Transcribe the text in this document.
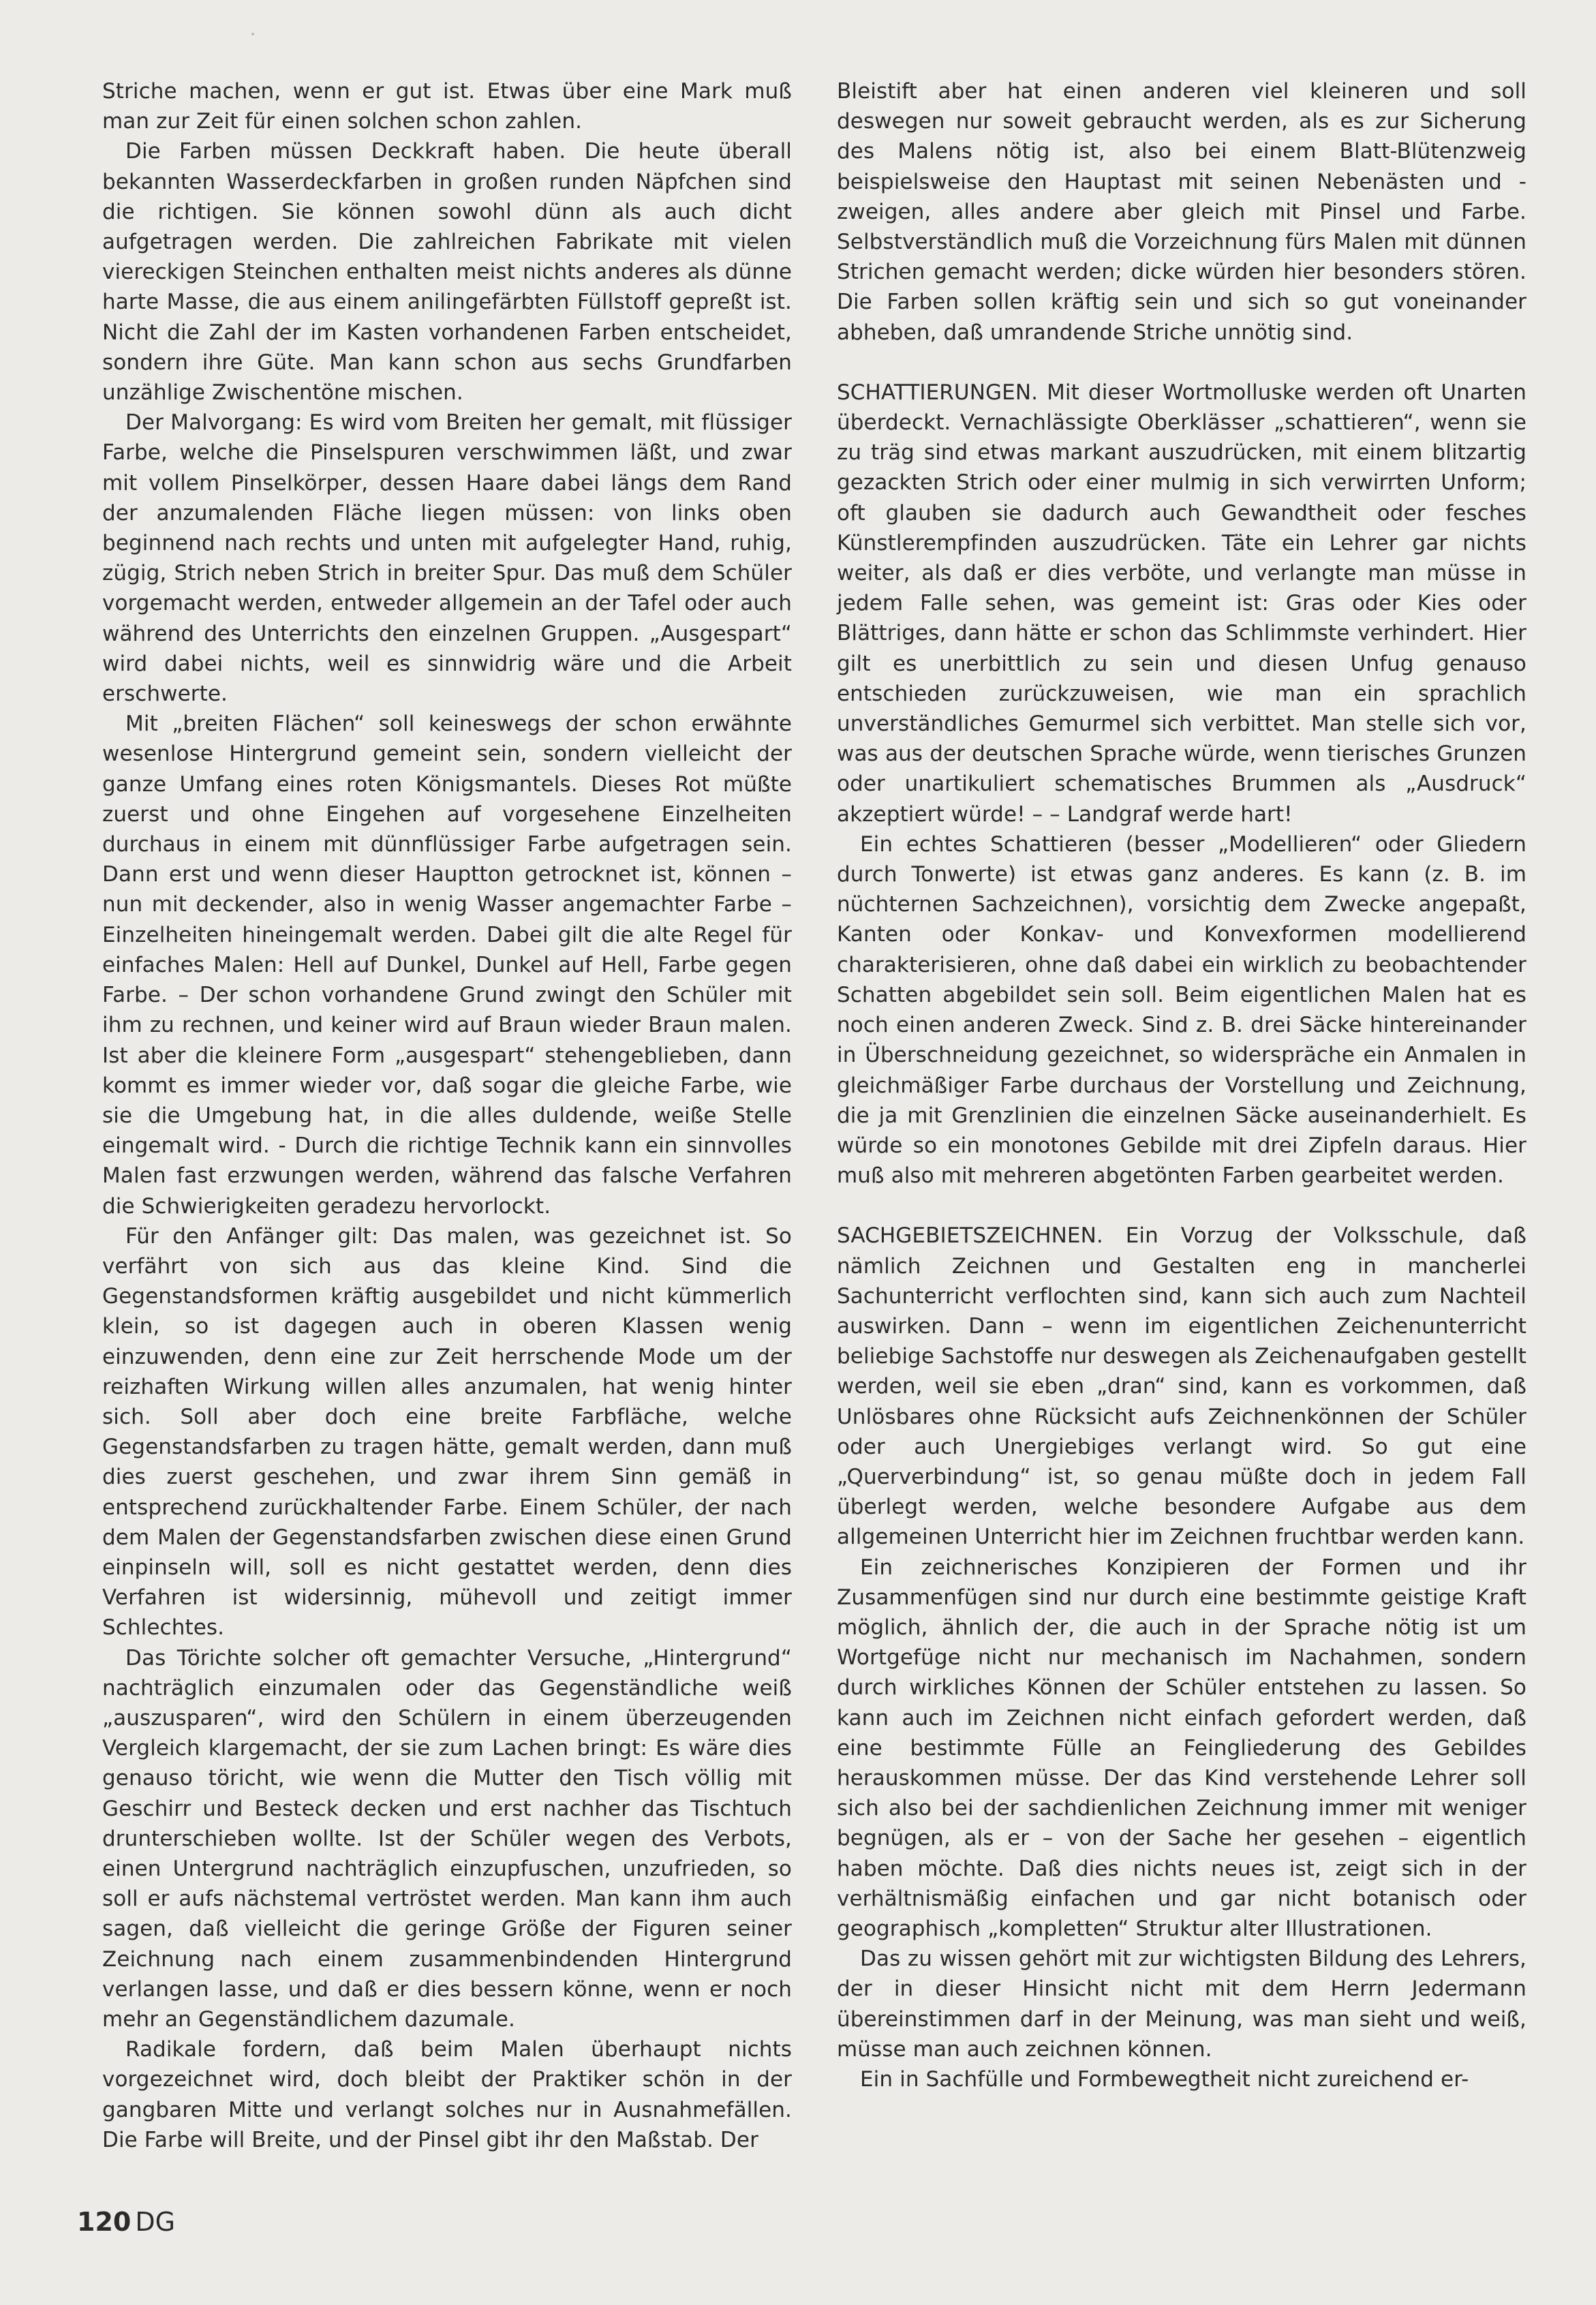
Striche machen, wenn er gut ist. Etwas über eine Mark muß man zur Zeit für einen solchen schon zahlen.

Die Farben müssen Deckkraft haben. Die heute überall bekannten Wasserdeckfarben in großen runden Näpfchen sind die richtigen. Sie können sowohl dünn als auch dicht aufgetragen werden. Die zahlreichen Fabrikate mit vielen viereckigen Steinchen enthalten meist nichts anderes als dünne harte Masse, die aus einem anilingefärbten Füllstoff gepreßt ist. Nicht die Zahl der im Kasten vorhandenen Farben entscheidet, sondern ihre Güte. Man kann schon aus sechs Grundfarben unzählige Zwischentöne mischen.

Der Malvorgang: Es wird vom Breiten her gemalt, mit flüssiger Farbe, welche die Pinselspuren verschwimmen läßt, und zwar mit vollem Pinselkörper, dessen Haare dabei längs dem Rand der anzumalenden Fläche liegen müssen: von links oben beginnend nach rechts und unten mit aufgelegter Hand, ruhig, zügig, Strich neben Strich in breiter Spur. Das muß dem Schüler vorgemacht werden, entweder allgemein an der Tafel oder auch während des Unterrichts den einzelnen Gruppen. „Ausgespart“ wird dabei nichts, weil es sinnwidrig wäre und die Arbeit erschwerte.

Mit „breiten Flächen“ soll keineswegs der schon erwähnte wesenlose Hintergrund gemeint sein, sondern vielleicht der ganze Umfang eines roten Königsmantels. Dieses Rot müßte zuerst und ohne Eingehen auf vorgesehene Einzelheiten durchaus in einem mit dünnflüssiger Farbe aufgetragen sein. Dann erst und wenn dieser Hauptton getrocknet ist, können – nun mit deckender, also in wenig Wasser angemachter Farbe – Einzelheiten hineingemalt werden. Dabei gilt die alte Regel für einfaches Malen: Hell auf Dunkel, Dunkel auf Hell, Farbe gegen Farbe. – Der schon vorhandene Grund zwingt den Schüler mit ihm zu rechnen, und keiner wird auf Braun wieder Braun malen. Ist aber die kleinere Form „ausgespart“ stehengeblieben, dann kommt es immer wieder vor, daß sogar die gleiche Farbe, wie sie die Umgebung hat, in die alles duldende, weiße Stelle eingemalt wird. - Durch die richtige Technik kann ein sinnvolles Malen fast erzwungen werden, während das falsche Verfahren die Schwierigkeiten geradezu hervorlockt.

Für den Anfänger gilt: Das malen, was gezeichnet ist. So verfährt von sich aus das kleine Kind. Sind die Gegenstandsformen kräftig ausgebildet und nicht kümmerlich klein, so ist dagegen auch in oberen Klassen wenig einzuwenden, denn eine zur Zeit herrschende Mode um der reizhaften Wirkung willen alles anzumalen, hat wenig hinter sich. Soll aber doch eine breite Farbfläche, welche Gegenstandsfarben zu tragen hätte, gemalt werden, dann muß dies zuerst geschehen, und zwar ihrem Sinn gemäß in entsprechend zurückhaltender Farbe. Einem Schüler, der nach dem Malen der Gegenstandsfarben zwischen diese einen Grund einpinseln will, soll es nicht gestattet werden, denn dies Verfahren ist widersinnig, mühevoll und zeitigt immer Schlechtes.

Das Törichte solcher oft gemachter Versuche, „Hintergrund“ nachträglich einzumalen oder das Gegenständliche weiß „auszusparen“, wird den Schülern in einem überzeugenden Vergleich klargemacht, der sie zum Lachen bringt: Es wäre dies genauso töricht, wie wenn die Mutter den Tisch völlig mit Geschirr und Besteck decken und erst nachher das Tischtuch drunterschieben wollte. Ist der Schüler wegen des Verbots, einen Untergrund nachträglich einzupfuschen, unzufrieden, so soll er aufs nächstemal vertröstet werden. Man kann ihm auch sagen, daß vielleicht die geringe Größe der Figuren seiner Zeichnung nach einem zusammenbindenden Hintergrund verlangen lasse, und daß er dies bessern könne, wenn er noch mehr an Gegenständlichem dazumale.

Radikale fordern, daß beim Malen überhaupt nichts vorgezeichnet wird, doch bleibt der Praktiker schön in der gangbaren Mitte und verlangt solches nur in Ausnahmefällen. Die Farbe will Breite, und der Pinsel gibt ihr den Maßstab. Der

Bleistift aber hat einen anderen viel kleineren und soll deswegen nur soweit gebraucht werden, als es zur Sicherung des Malens nötig ist, also bei einem Blatt-Blütenzweig beispielsweise den Hauptast mit seinen Nebenästen und -zweigen, alles andere aber gleich mit Pinsel und Farbe. Selbstverständlich muß die Vorzeichnung fürs Malen mit dünnen Strichen gemacht werden; dicke würden hier besonders stören. Die Farben sollen kräftig sein und sich so gut voneinander abheben, daß umrandende Striche unnötig sind.

SCHATTIERUNGEN. Mit dieser Wortmolluske werden oft Unarten überdeckt. Vernachlässigte Oberklässer „schattieren“, wenn sie zu träg sind etwas markant auszudrücken, mit einem blitzartig gezackten Strich oder einer mulmig in sich verwirrten Unform; oft glauben sie dadurch auch Gewandtheit oder fesches Künstlerempfinden auszudrücken. Täte ein Lehrer gar nichts weiter, als daß er dies verböte, und verlangte man müsse in jedem Falle sehen, was gemeint ist: Gras oder Kies oder Blättriges, dann hätte er schon das Schlimmste verhindert. Hier gilt es unerbittlich zu sein und diesen Unfug genauso entschieden zurückzuweisen, wie man ein sprachlich unverständliches Gemurmel sich verbittet. Man stelle sich vor, was aus der deutschen Sprache würde, wenn tierisches Grunzen oder unartikuliert schematisches Brummen als „Ausdruck“ akzeptiert würde! – – Landgraf werde hart!

Ein echtes Schattieren (besser „Modellieren“ oder Gliedern durch Tonwerte) ist etwas ganz anderes. Es kann (z. B. im nüchternen Sachzeichnen), vorsichtig dem Zwecke angepaßt, Kanten oder Konkav- und Konvexformen modellierend charakterisieren, ohne daß dabei ein wirklich zu beobachtender Schatten abgebildet sein soll. Beim eigentlichen Malen hat es noch einen anderen Zweck. Sind z. B. drei Säcke hintereinander in Überschneidung gezeichnet, so widerspräche ein Anmalen in gleichmäßiger Farbe durchaus der Vorstellung und Zeichnung, die ja mit Grenzlinien die einzelnen Säcke auseinanderhielt. Es würde so ein monotones Gebilde mit drei Zipfeln daraus. Hier muß also mit mehreren abgetönten Farben gearbeitet werden.

SACHGEBIETSZEICHNEN. Ein Vorzug der Volksschule, daß nämlich Zeichnen und Gestalten eng in mancherlei Sachunterricht verflochten sind, kann sich auch zum Nachteil auswirken. Dann – wenn im eigentlichen Zeichenunterricht beliebige Sachstoffe nur deswegen als Zeichenaufgaben gestellt werden, weil sie eben „dran“ sind, kann es vorkommen, daß Unlösbares ohne Rücksicht aufs Zeichnenkönnen der Schüler oder auch Unergiebiges verlangt wird. So gut eine „Querverbindung“ ist, so genau müßte doch in jedem Fall überlegt werden, welche besondere Aufgabe aus dem allgemeinen Unterricht hier im Zeichnen fruchtbar werden kann.

Ein zeichnerisches Konzipieren der Formen und ihr Zusammenfügen sind nur durch eine bestimmte geistige Kraft möglich, ähnlich der, die auch in der Sprache nötig ist um Wortgefüge nicht nur mechanisch im Nachahmen, sondern durch wirkliches Können der Schüler entstehen zu lassen. So kann auch im Zeichnen nicht einfach gefordert werden, daß eine bestimmte Fülle an Feingliederung des Gebildes herauskommen müsse. Der das Kind verstehende Lehrer soll sich also bei der sachdienlichen Zeichnung immer mit weniger begnügen, als er – von der Sache her gesehen – eigentlich haben möchte. Daß dies nichts neues ist, zeigt sich in der verhältnismäßig einfachen und gar nicht botanisch oder geographisch „kompletten“ Struktur alter Illustrationen.

Das zu wissen gehört mit zur wichtigsten Bildung des Lehrers, der in dieser Hinsicht nicht mit dem Herrn Jedermann übereinstimmen darf in der Meinung, was man sieht und weiß, müsse man auch zeichnen können.

Ein in Sachfülle und Formbewegtheit nicht zureichend er-

120 DG
